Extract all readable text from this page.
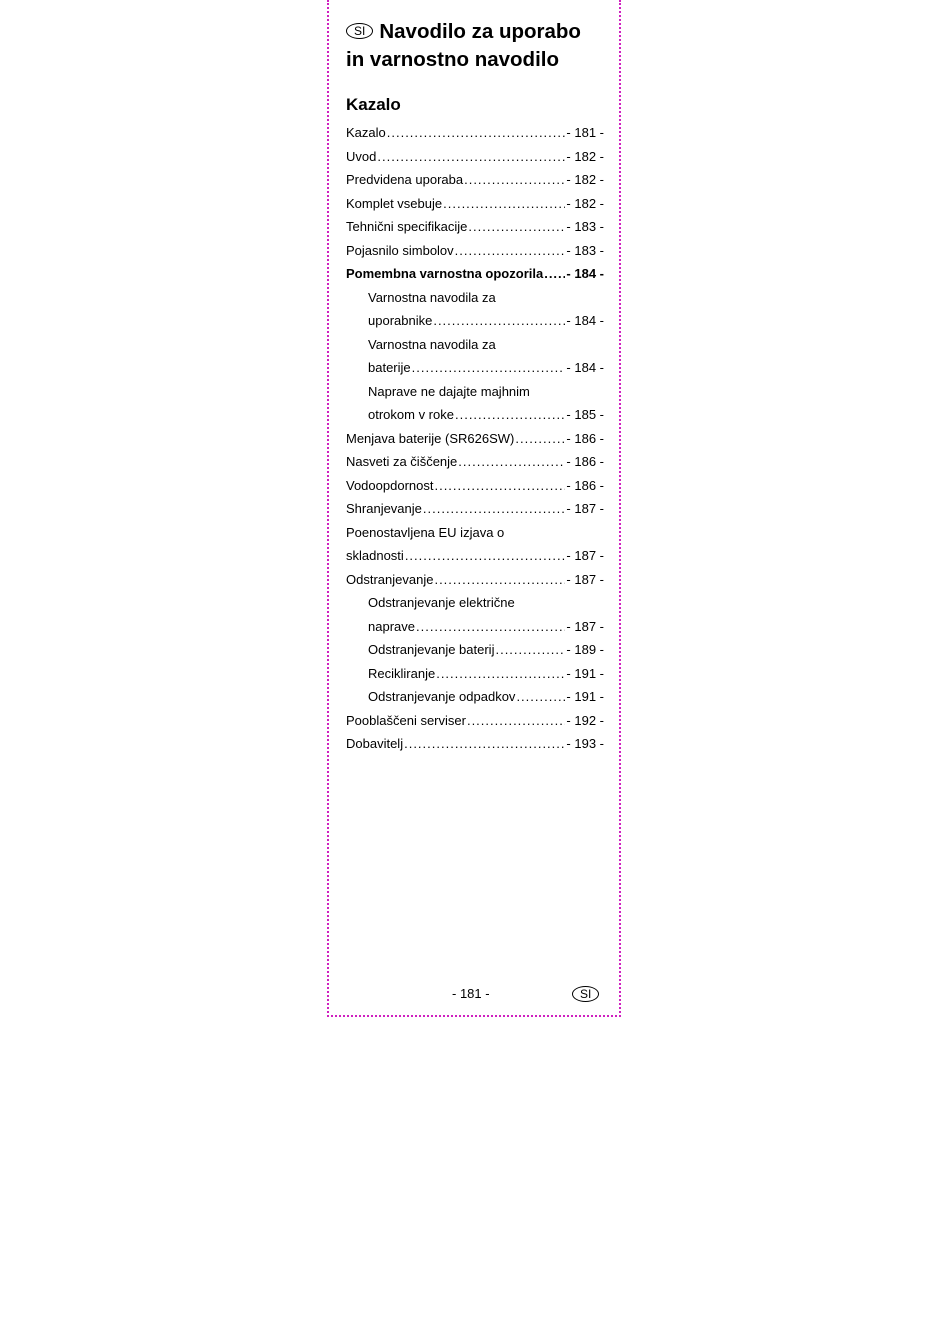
SI Navodilo za uporabo in varnostno navodilo
Kazalo
Kazalo .....	- 181 -
Uvod .....	- 182 -
Predvidena uporaba .....	- 182 -
Komplet vsebuje .....	- 182 -
Tehnični specifikacije .....	- 183 -
Pojasnilo simbolov .....	- 183 -
Pomembna varnostna opozorila ..... - 184 -
Varnostna navodila za
uporabnike .....	- 184 -
Varnostna navodila za
baterije .....	- 184 -
Naprave ne dajajte majhnim
otrokom v roke .....	- 185 -
Menjava baterije (SR626SW) .....	- 186 -
Nasveti za čiščenje .....	- 186 -
Vodoopdornost .....	- 186 -
Shranjevanje .....	- 187 -
Poenostavljena EU izjava o
skladnosti .....	- 187 -
Odstranjevanje .....	- 187 -
Odstranjevanje električne
naprave .....	- 187 -
Odstranjevanje baterij .....	- 189 -
Recikliranje .....	- 191 -
Odstranjevanje odpadkov .....	- 191 -
Pooblaščeni serviser .....	- 192 -
Dobavitelj .....	- 193 -
- 181 -	SI
